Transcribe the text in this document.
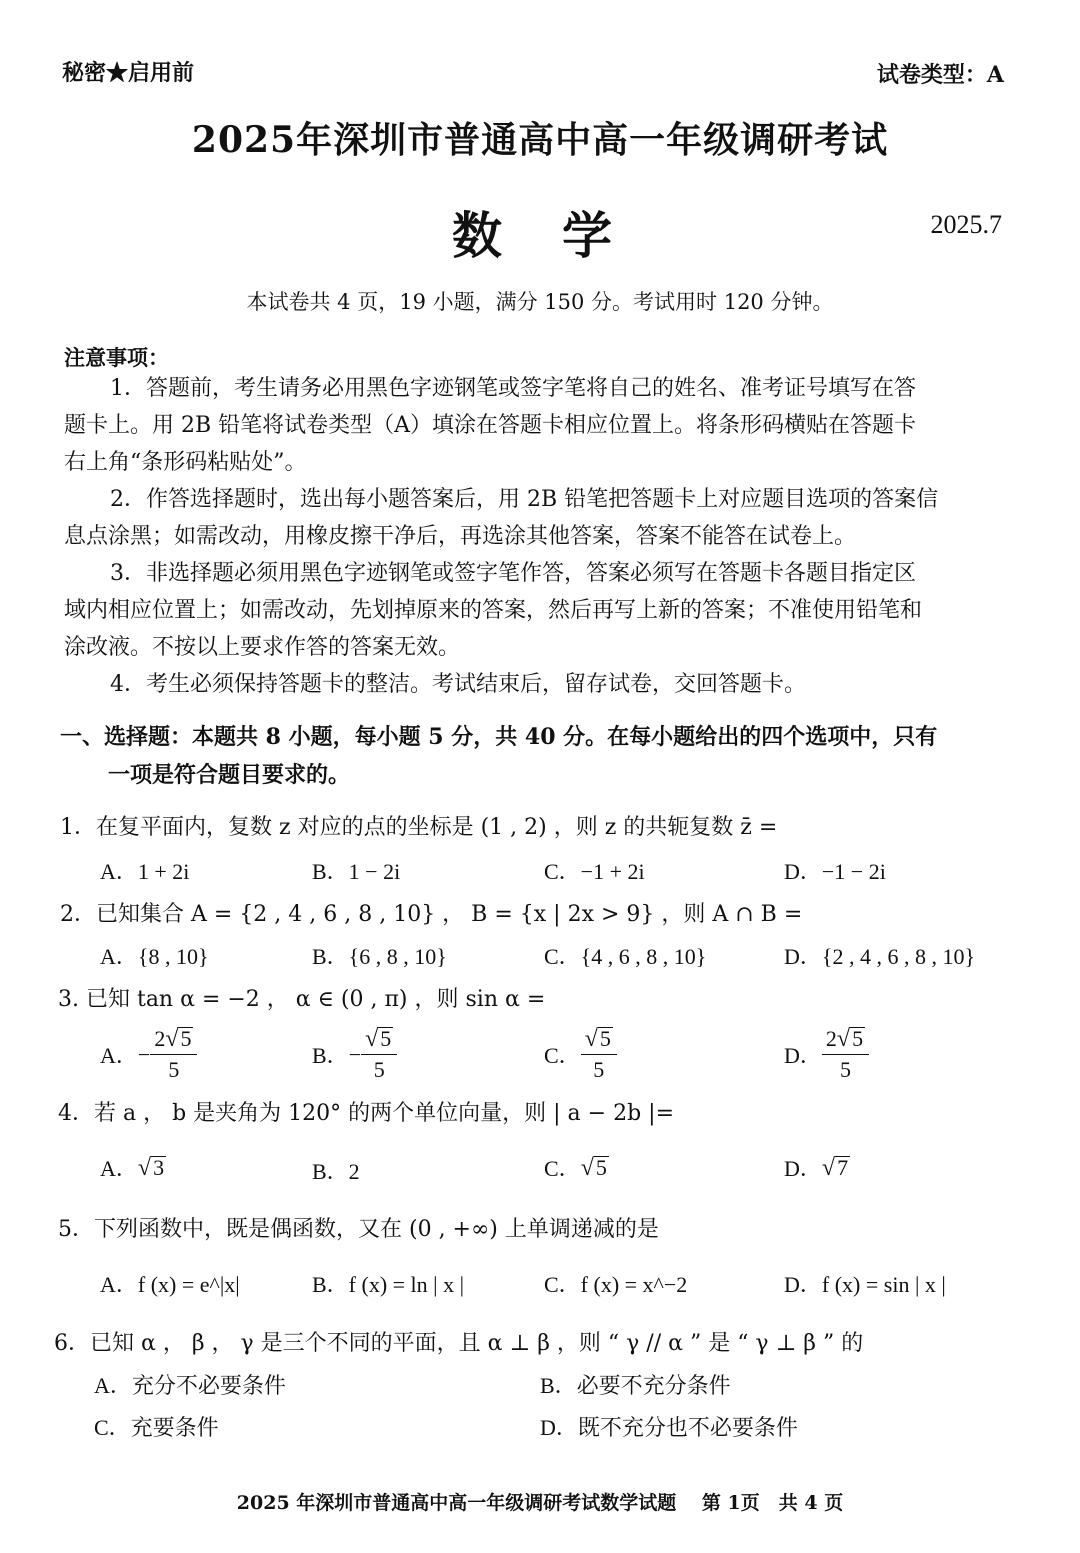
秘密★启用前	试卷类型：A
2025年深圳市普通高中高一年级调研考试
数学	2025.7
本试卷共 4 页，19 小题，满分 150 分。考试用时 120 分钟。
注意事项：
1．答题前，考生请务必用黑色字迹钢笔或签字笔将自己的姓名、准考证号填写在答
题卡上。用 2B 铅笔将试卷类型（A）填涂在答题卡相应位置上。将条形码横贴在答题卡
右上角“条形码粘贴处”。
2．作答选择题时，选出每小题答案后，用 2B 铅笔把答题卡上对应题目选项的答案信
息点涂黑；如需改动，用橡皮擦干净后，再选涂其他答案，答案不能答在试卷上。
3．非选择题必须用黑色字迹钢笔或签字笔作答，答案必须写在答题卡各题目指定区
域内相应位置上；如需改动，先划掉原来的答案，然后再写上新的答案；不准使用铅笔和
涂改液。不按以上要求作答的答案无效。
4．考生必须保持答题卡的整洁。考试结束后，留存试卷，交回答题卡。
一、选择题：本题共 8 小题，每小题 5 分，共 40 分。在每小题给出的四个选项中，只有
一项是符合题目要求的。
1．在复平面内，复数 z 对应的点的坐标是 (1 , 2) ，则 z 的共轭复数 z̄ =
A．1 + 2i	B．1 − 2i	C．−1 + 2i	D．−1 − 2i
2．已知集合 A = {2 , 4 , 6 , 8 , 10} ， B = {x | 2x > 9} ，则 A ∩ B =
A．{8 , 10}	B．{6 , 8 , 10}	C．{4 , 6 , 8 , 10}	D．{2 , 4 , 6 , 8 , 10}
3. 已知 tan α = −2 ， α ∈ (0 , π) ，则 sin α =
A． − $\frac{2 √ 5}{5}$	B． − $\frac{√ 5}{5}$	C． $\frac{√ 5}{5}$	D． $\frac{2 √ 5}{5}$
4．若 a ， b 是夹角为 120° 的两个单位向量，则 | a − 2b |=
A． √ 3	B．2	C． √ 5	D． √ 7
5．下列函数中，既是偶函数，又在 (0 , +∞) 上单调递减的是
A．f (x) = e^|x|	B．f (x) = ln | x |	C．f (x) = x^−2	D．f (x) = sin | x |
6．已知 α ， β ， γ 是三个不同的平面，且 α ⊥ β ，则 “ γ // α ” 是 “ γ ⊥ β ” 的
A．充分不必要条件	B．必要不充分条件
C．充要条件	D．既不充分也不必要条件
2025 年深圳市普通高中高一年级调研考试数学试题　 第 1页　共 4 页
